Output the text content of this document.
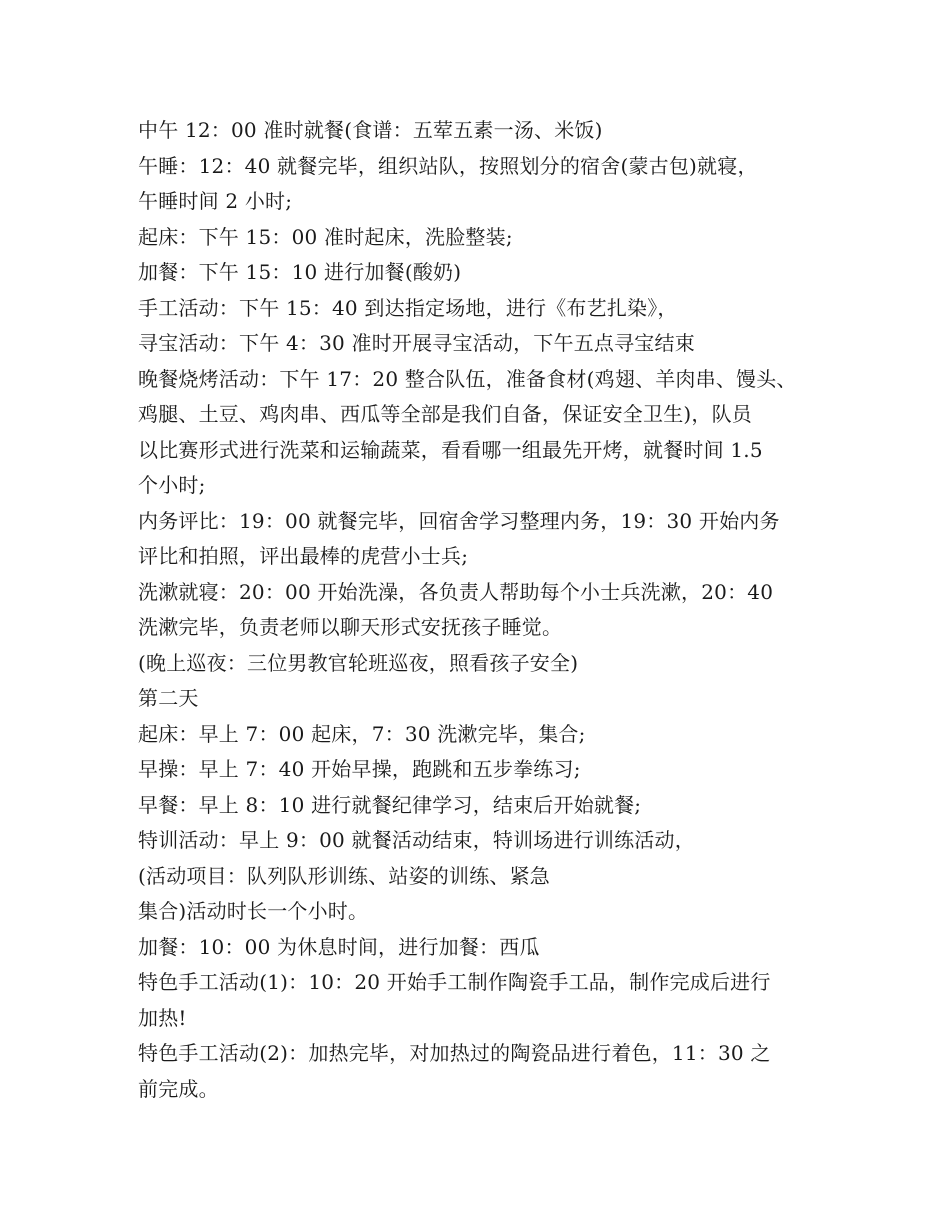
中午 12：00 准时就餐(食谱：五荤五素一汤、米饭)
午睡：12：40 就餐完毕，组织站队，按照划分的宿舍(蒙古包)就寝，
午睡时间 2 小时;
起床：下午 15：00 准时起床，洗脸整装;
加餐：下午 15：10 进行加餐(酸奶)
手工活动：下午 15：40 到达指定场地，进行《布艺扎染》，
寻宝活动：下午 4：30 准时开展寻宝活动，下午五点寻宝结束
晚餐烧烤活动：下午 17：20 整合队伍，准备食材(鸡翅、羊肉串、馒头、
鸡腿、土豆、鸡肉串、西瓜等全部是我们自备，保证安全卫生)，队员
以比赛形式进行洗菜和运输蔬菜，看看哪一组最先开烤，就餐时间 1.5
个小时;
内务评比：19：00 就餐完毕，回宿舍学习整理内务，19：30 开始内务
评比和拍照，评出最棒的虎营小士兵;
洗漱就寝：20：00 开始洗澡，各负责人帮助每个小士兵洗漱，20：40
洗漱完毕，负责老师以聊天形式安抚孩子睡觉。
(晚上巡夜：三位男教官轮班巡夜，照看孩子安全)
第二天
起床：早上 7：00 起床，7：30 洗漱完毕，集合;
早操：早上 7：40 开始早操，跑跳和五步拳练习;
早餐：早上 8：10 进行就餐纪律学习，结束后开始就餐;
特训活动：早上 9：00 就餐活动结束，特训场进行训练活动，
(活动项目：队列队形训练、站姿的训练、紧急
集合)活动时长一个小时。
加餐：10：00 为休息时间，进行加餐：西瓜
特色手工活动(1)：10：20 开始手工制作陶瓷手工品，制作完成后进行
加热!
特色手工活动(2)：加热完毕，对加热过的陶瓷品进行着色，11：30 之
前完成。
